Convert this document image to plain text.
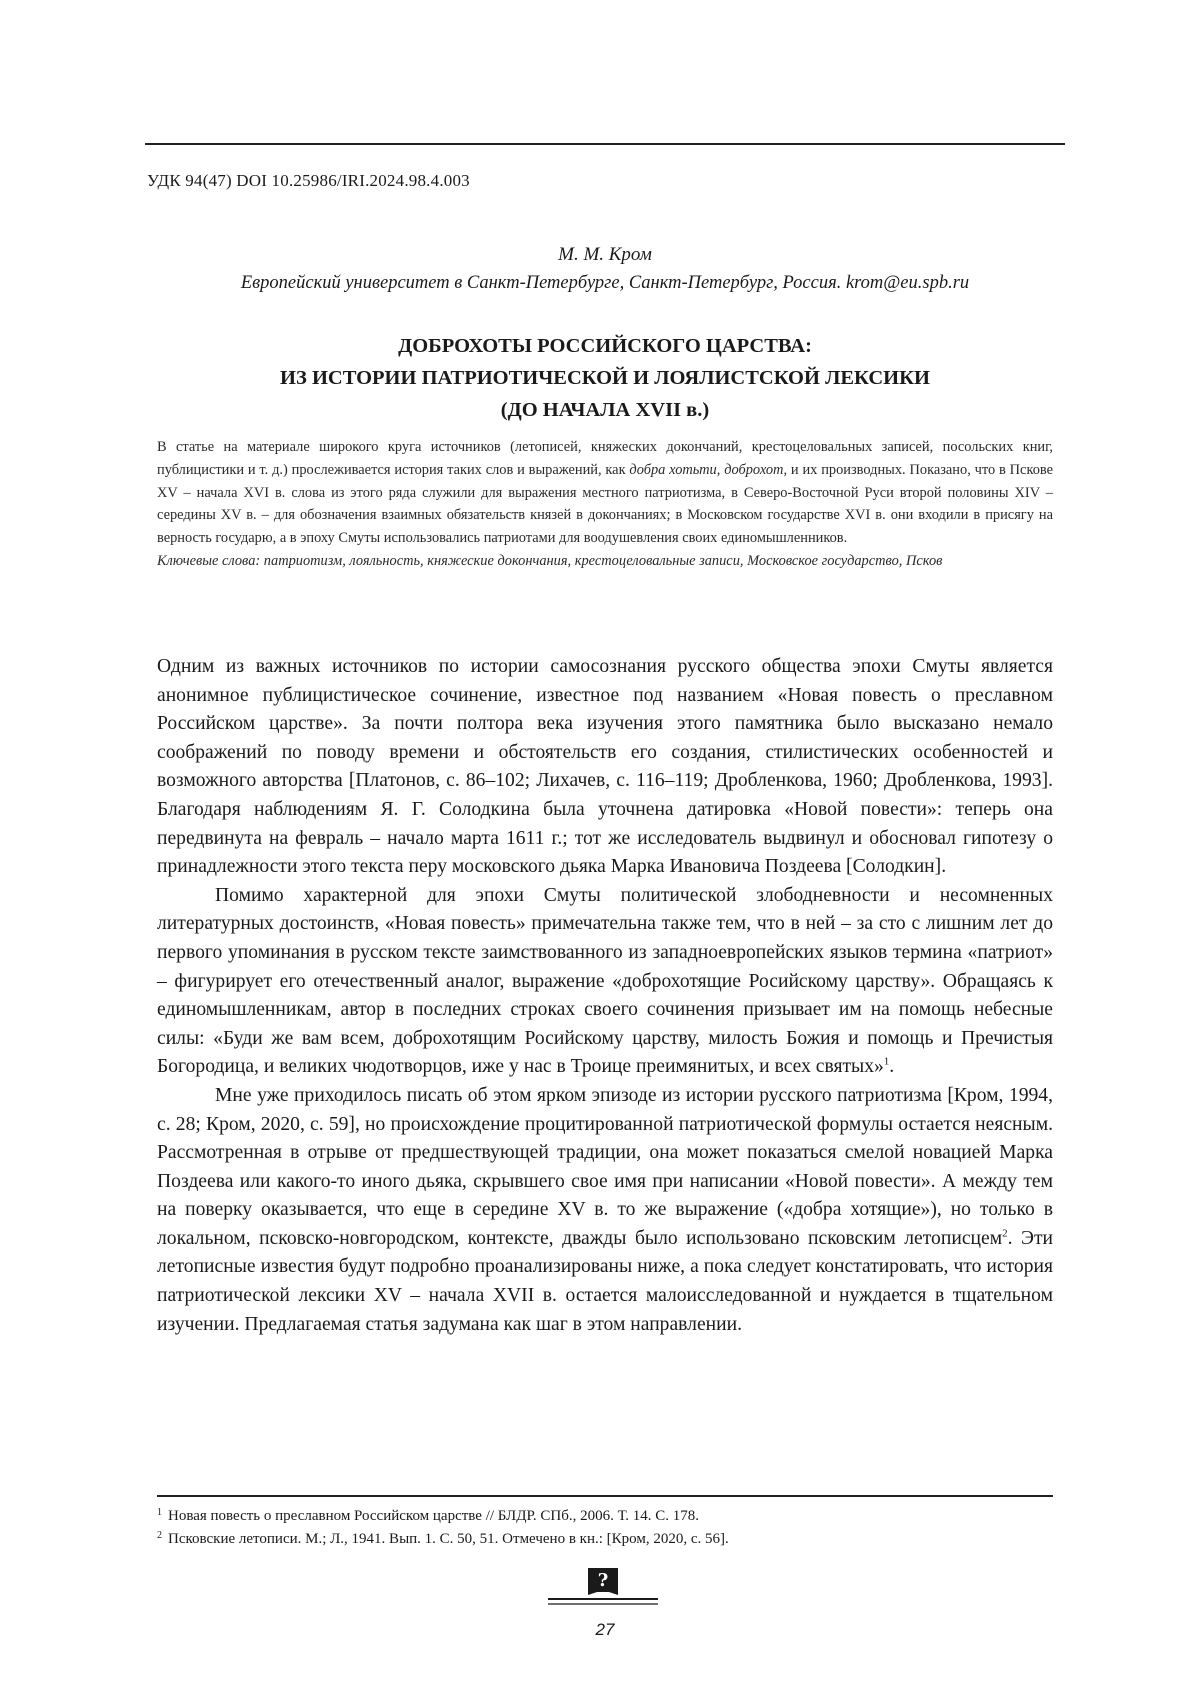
УДК 94(47) DOI 10.25986/IRI.2024.98.4.003
М. М. Кром
Европейский университет в Санкт-Петербурге, Санкт-Петербург, Россия. krom@eu.spb.ru
ДОБРОХОТЫ РОССИЙСКОГО ЦАРСТВА:
ИЗ ИСТОРИИ ПАТРИОТИЧЕСКОЙ И ЛОЯЛИСТСКОЙ ЛЕКСИКИ
(ДО НАЧАЛА XVII в.)

В статье на материале широкого круга источников (летописей, княжеских докончаний, крестоцеловальных записей, посольских книг, публицистики и т. д.) прослеживается история таких слов и выражений, как добра хотьти, доброхот, и их производных. Показано, что в Пскове XV – начала XVI в. слова из этого ряда служили для выражения местного патриотизма, в Северо-Восточной Руси второй половины XIV – середины XV в. – для обозначения взаимных обязательств князей в докончаниях; в Московском государстве XVI в. они входили в присягу на верность государю, а в эпоху Смуты использовались патриотами для воодушевления своих единомышленников.

Ключевые слова: патриотизм, лояльность, княжеские докончания, крестоцеловальные записи, Московское государство, Псков

Одним из важных источников по истории самосознания русского общества эпохи Смуты является анонимное публицистическое сочинение, известное под названием «Новая повесть о преславном Российском царстве». За почти полтора века изучения этого памятника было высказано немало соображений по поводу времени и обстоятельств его создания, стилистических особенностей и возможного авторства [Платонов, с. 86–102; Лихачев, с. 116–119; Дробленкова, 1960; Дробленкова, 1993]. Благодаря наблюдениям Я. Г. Солодкина была уточнена датировка «Новой повести»: теперь она передвинута на февраль – начало марта 1611 г.; тот же исследователь выдвинул и обосновал гипотезу о принадлежности этого текста перу московского дьяка Марка Ивановича Поздеева [Солодкин].

Помимо характерной для эпохи Смуты политической злободневности и несомненных литературных достоинств, «Новая повесть» примечательна также тем, что в ней – за сто с лишним лет до первого упоминания в русском тексте заимствованного из западноевропейских языков термина «патриот» – фигурирует его отечественный аналог, выражение «доброхотящие Росийскому царству». Обращаясь к единомышленникам, автор в последних строках своего сочинения призывает им на помощь небесные силы: «Буди же вам всем, доброхотящим Росийскому царству, милость Божия и помощь и Пречистыя Богородица, и великих чюдотворцов, иже у нас в Троице преимянитых, и всех святых»$^1$.

Мне уже приходилось писать об этом ярком эпизоде из истории русского патриотизма [Кром, 1994, с. 28; Кром, 2020, с. 59], но происхождение процитированной патриотической формулы остается неясным. Рассмотренная в отрыве от предшествующей традиции, она может показаться смелой новацией Марка Поздеева или какого-то иного дьяка, скрывшего свое имя при написании «Новой повести». А между тем на поверку оказывается, что еще в середине XV в. то же выражение («добра хотящие»), но только в локальном, псковско-новгородском, контексте, дважды было использовано псковским летописцем$^2$. Эти летописные известия будут подробно проанализированы ниже, а пока следует констатировать, что история патриотической лексики XV – начала XVII в. остается малоисследованной и нуждается в тщательном изучении. Предлагаемая статья задумана как шаг в этом направлении.

$^1$ Новая повесть о преславном Российском царстве // БЛДР. СПб., 2006. Т. 14. С. 178.
$^2$ Псковские летописи. М.; Л., 1941. Вып. 1. С. 50, 51. Отмечено в кн.: [Кром, 2020, с. 56].
?
27
